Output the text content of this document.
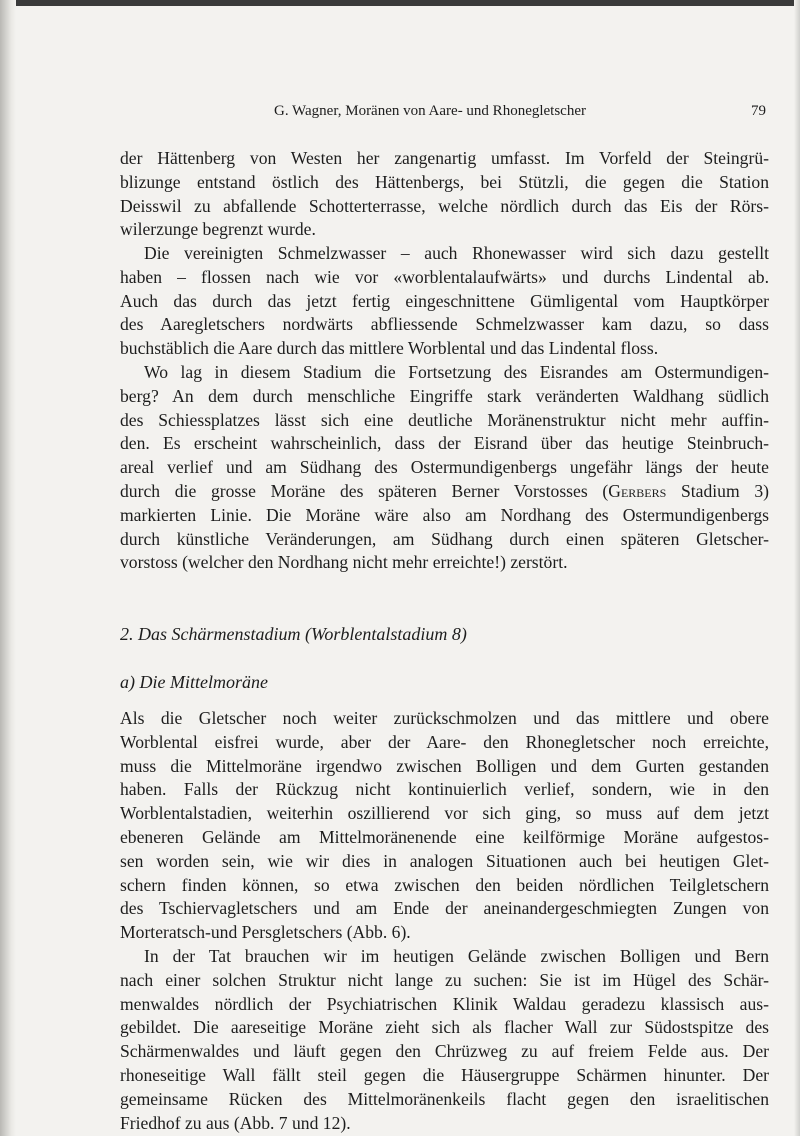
G. Wagner, Moränen von Aare- und Rhonegletscher	79

der Hättenberg von Westen her zangenartig umfasst. Im Vorfeld der Steingrü-
blizunge entstand östlich des Hättenbergs, bei Stützli, die gegen die Station
Deisswil zu abfallende Schotterterrasse, welche nördlich durch das Eis der Rörs-
wilerzunge begrenzt wurde.

Die vereinigten Schmelzwasser – auch Rhonewasser wird sich dazu gestellt
haben – flossen nach wie vor «worblentalaufwärts» und durchs Lindental ab.
Auch das durch das jetzt fertig eingeschnittene Gümligental vom Hauptkörper
des Aaregletschers nordwärts abfliessende Schmelzwasser kam dazu, so dass
buchstäblich die Aare durch das mittlere Worblental und das Lindental floss.

Wo lag in diesem Stadium die Fortsetzung des Eisrandes am Ostermundigen-
berg? An dem durch menschliche Eingriffe stark veränderten Waldhang südlich
des Schiessplatzes lässt sich eine deutliche Moränenstruktur nicht mehr auffin-
den. Es erscheint wahrscheinlich, dass der Eisrand über das heutige Steinbruch-
areal verlief und am Südhang des Ostermundigenbergs ungefähr längs der heute
durch die grosse Moräne des späteren Berner Vorstosses (Gerbers Stadium 3)
markierten Linie. Die Moräne wäre also am Nordhang des Ostermundigenbergs
durch künstliche Veränderungen, am Südhang durch einen späteren Gletscher-
vorstoss (welcher den Nordhang nicht mehr erreichte!) zerstört.

2. Das Schärmenstadium (Worblentalstadium 8)
a) Die Mittelmoräne

Als die Gletscher noch weiter zurückschmolzen und das mittlere und obere
Worblental eisfrei wurde, aber der Aare- den Rhonegletscher noch erreichte,
muss die Mittelmoräne irgendwo zwischen Bolligen und dem Gurten gestanden
haben. Falls der Rückzug nicht kontinuierlich verlief, sondern, wie in den
Worblentalstadien, weiterhin oszillierend vor sich ging, so muss auf dem jetzt
ebeneren Gelände am Mittelmoränenende eine keilförmige Moräne aufgestos-
sen worden sein, wie wir dies in analogen Situationen auch bei heutigen Glet-
schern finden können, so etwa zwischen den beiden nördlichen Teilgletschern
des Tschiervagletschers und am Ende der aneinandergeschmiegten Zungen von
Morteratsch-und Persgletschers (Abb. 6).

In der Tat brauchen wir im heutigen Gelände zwischen Bolligen und Bern
nach einer solchen Struktur nicht lange zu suchen: Sie ist im Hügel des Schär-
menwaldes nördlich der Psychiatrischen Klinik Waldau geradezu klassisch aus-
gebildet. Die aareseitige Moräne zieht sich als flacher Wall zur Südostspitze des
Schärmenwaldes und läuft gegen den Chrüzweg zu auf freiem Felde aus. Der
rhoneseitige Wall fällt steil gegen die Häusergruppe Schärmen hinunter. Der
gemeinsame Rücken des Mittelmoränenkeils flacht gegen den israelitischen
Friedhof zu aus (Abb. 7 und 12).
